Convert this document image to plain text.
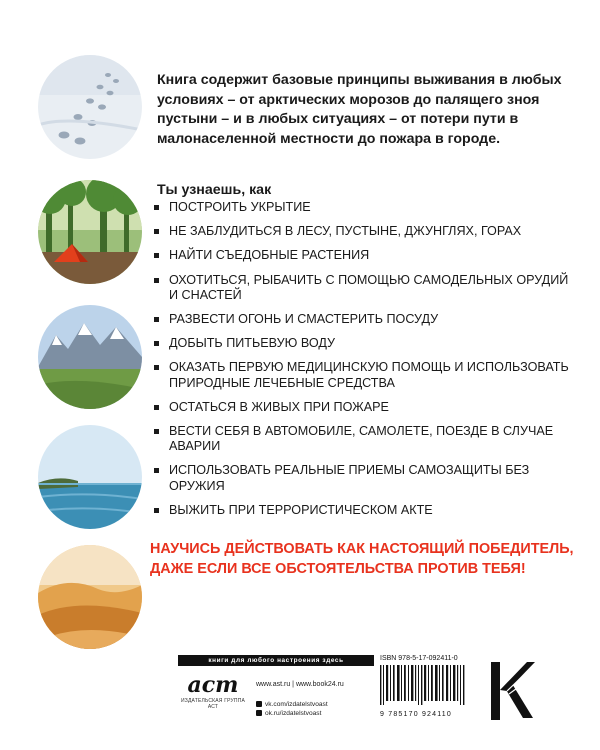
Книга содержит базовые принципы выживания в любых условиях – от арктических морозов до палящего зноя пустыни – и в любых ситуациях – от потери пути в малонаселенной местности до пожара в городе.

Ты узнаешь, как

ПОСТРОИТЬ УКРЫТИЕ
НЕ ЗАБЛУДИТЬСЯ В ЛЕСУ, ПУСТЫНЕ, ДЖУНГЛЯХ, ГОРАХ
НАЙТИ СЪЕДОБНЫЕ РАСТЕНИЯ
ОХОТИТЬСЯ, РЫБАЧИТЬ С ПОМОЩЬЮ САМОДЕЛЬНЫХ ОРУДИЙ И СНАСТЕЙ
РАЗВЕСТИ ОГОНЬ И СМАСТЕРИТЬ ПОСУДУ
ДОБЫТЬ ПИТЬЕВУЮ ВОДУ
ОКАЗАТЬ ПЕРВУЮ МЕДИЦИНСКУЮ ПОМОЩЬ И ИСПОЛЬЗОВАТЬ ПРИРОДНЫЕ ЛЕЧЕБНЫЕ СРЕДСТВА
ОСТАТЬСЯ В ЖИВЫХ ПРИ ПОЖАРЕ
ВЕСТИ СЕБЯ В АВТОМОБИЛЕ, САМОЛЕТЕ, ПОЕЗДЕ В СЛУЧАЕ АВАРИИ
ИСПОЛЬЗОВАТЬ РЕАЛЬНЫЕ ПРИЕМЫ САМОЗАЩИТЫ БЕЗ ОРУЖИЯ
ВЫЖИТЬ ПРИ ТЕРРОРИСТИЧЕСКОМ АКТЕ

НАУЧИСЬ ДЕЙСТВОВАТЬ КАК НАСТОЯЩИЙ ПОБЕДИТЕЛЬ, ДАЖЕ ЕСЛИ ВСЕ ОБСТОЯТЕЛЬСТВА ПРОТИВ ТЕБЯ!

книги для любого настроения здесь
аст
ИЗДАТЕЛЬСКАЯ ГРУППА АСТ
www.ast.ru | www.book24.ru
vk.com/izdatelstvoast
ok.ru/izdatelstvoast
ISBN 978-5-17-092411-0
9 785170 924110
